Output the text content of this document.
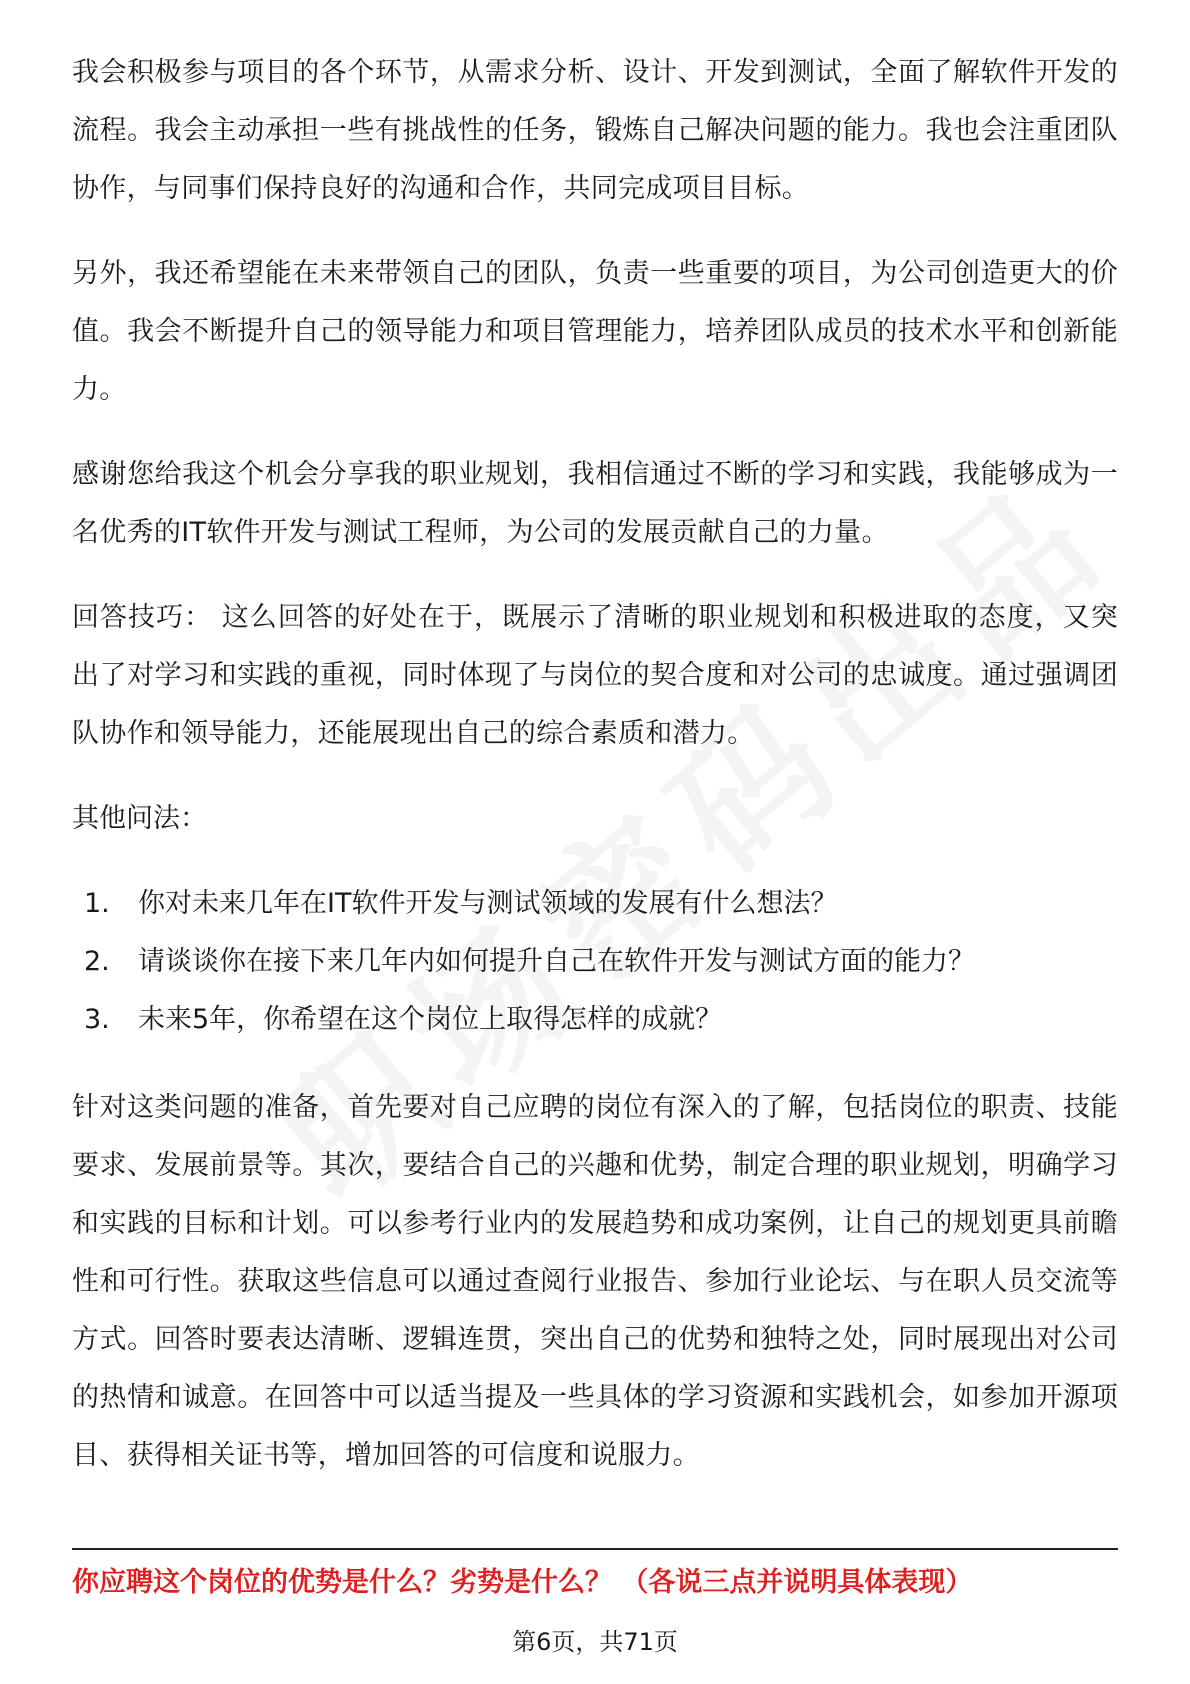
我会积极参与项目的各个环节，从需求分析、设计、开发到测试，全面了解软件开发的流程。我会主动承担一些有挑战性的任务，锻炼自己解决问题的能力。我也会注重团队协作，与同事们保持良好的沟通和合作，共同完成项目目标。

另外，我还希望能在未来带领自己的团队，负责一些重要的项目，为公司创造更大的价值。我会不断提升自己的领导能力和项目管理能力，培养团队成员的技术水平和创新能力。

感谢您给我这个机会分享我的职业规划，我相信通过不断的学习和实践，我能够成为一名优秀的IT软件开发与测试工程师，为公司的发展贡献自己的力量。

回答技巧： 这么回答的好处在于，既展示了清晰的职业规划和积极进取的态度，又突出了对学习和实践的重视，同时体现了与岗位的契合度和对公司的忠诚度。通过强调团队协作和领导能力，还能展现出自己的综合素质和潜力。

其他问法：

1.	你对未来几年在IT软件开发与测试领域的发展有什么想法？
2.	请谈谈你在接下来几年内如何提升自己在软件开发与测试方面的能力？
3.	未来5年，你希望在这个岗位上取得怎样的成就？

针对这类问题的准备，首先要对自己应聘的岗位有深入的了解，包括岗位的职责、技能要求、发展前景等。其次，要结合自己的兴趣和优势，制定合理的职业规划，明确学习和实践的目标和计划。可以参考行业内的发展趋势和成功案例，让自己的规划更具前瞻性和可行性。获取这些信息可以通过查阅行业报告、参加行业论坛、与在职人员交流等方式。回答时要表达清晰、逻辑连贯，突出自己的优势和独特之处，同时展现出对公司的热情和诚意。在回答中可以适当提及一些具体的学习资源和实践机会，如参加开源项目、获得相关证书等，增加回答的可信度和说服力。

你应聘这个岗位的优势是什么？劣势是什么？ （各说三点并说明具体表现）
第6页，共71页
